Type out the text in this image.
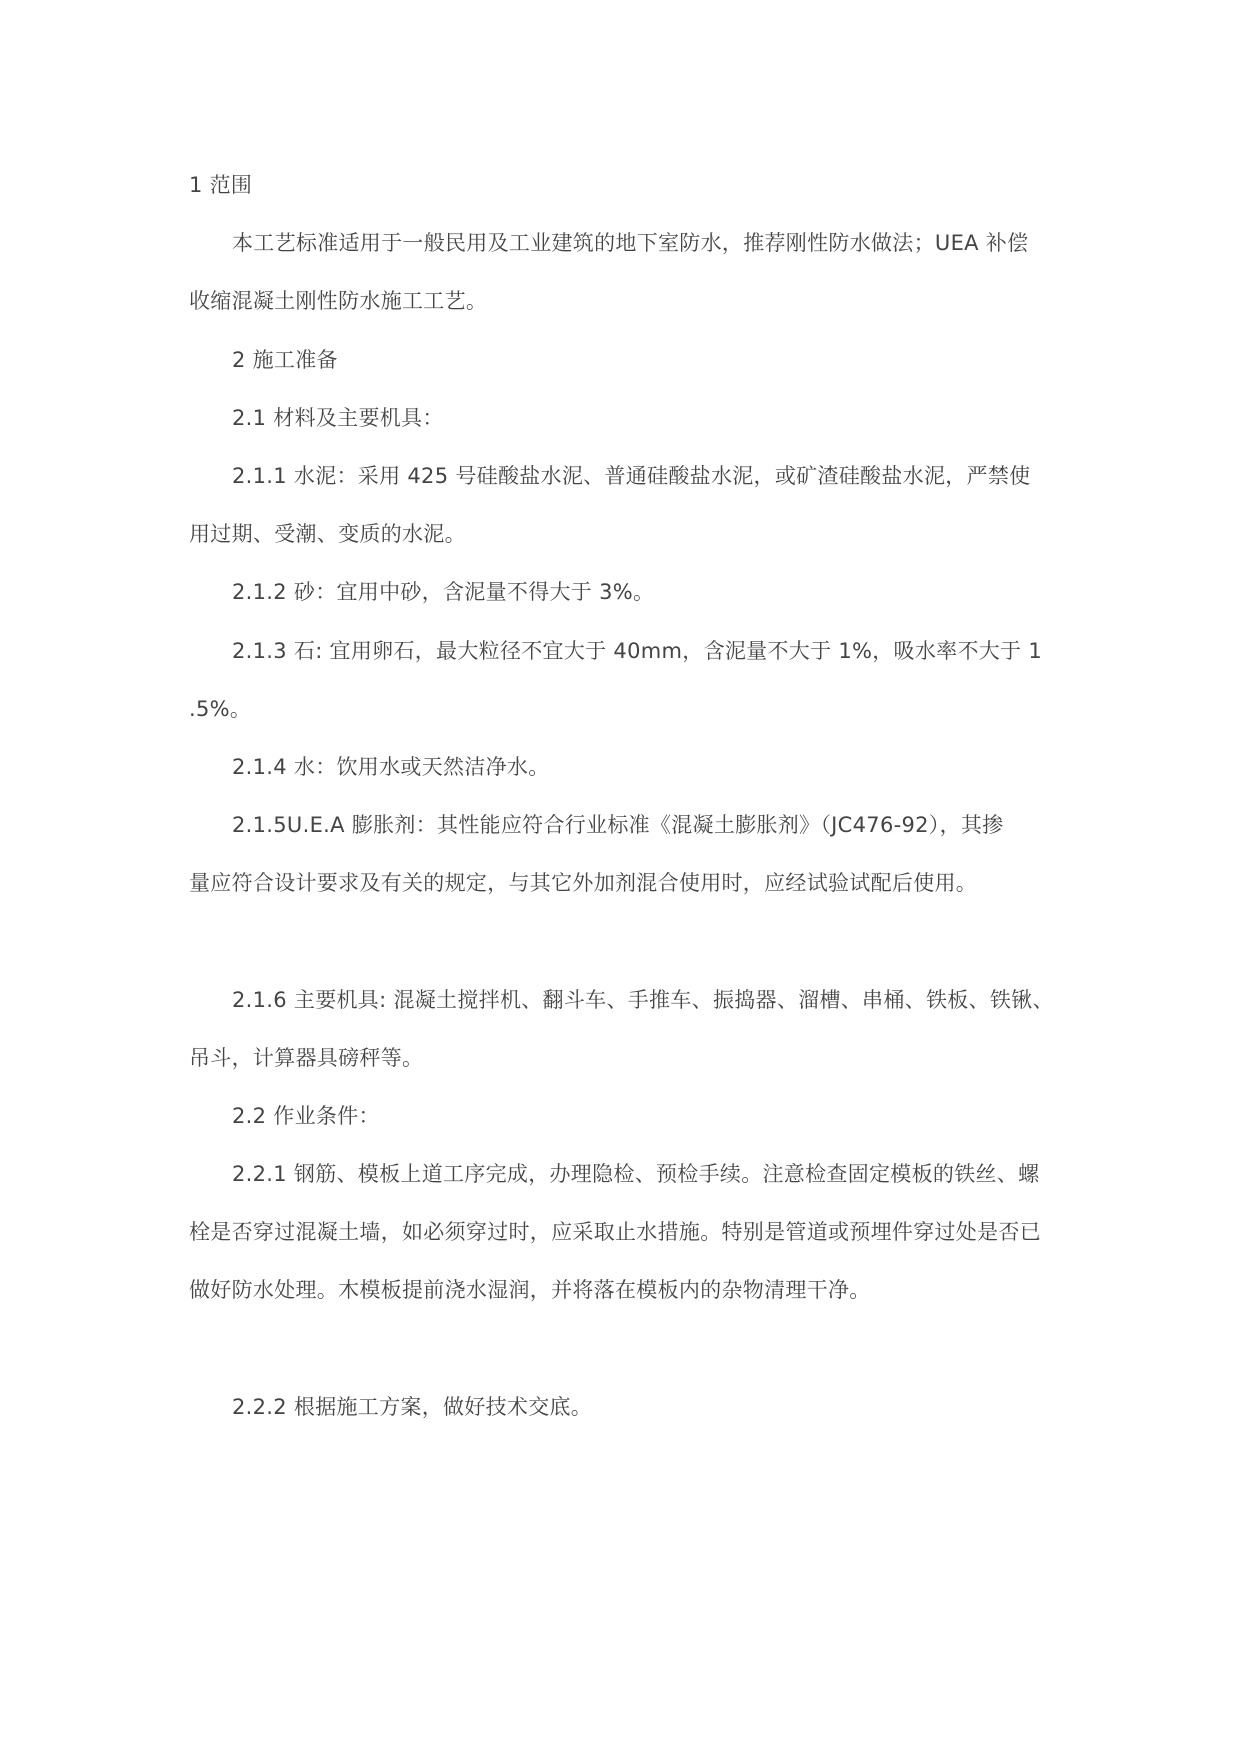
1 范围
本工艺标准适用于一般民用及工业建筑的地下室防水，推荐刚性防水做法；UEA 补偿
收缩混凝土刚性防水施工工艺。
2 施工准备
2.1 材料及主要机具：
2.1.1 水泥：采用 425 号硅酸盐水泥、普通硅酸盐水泥，或矿渣硅酸盐水泥，严禁使
用过期、受潮、变质的水泥。
2.1.2 砂：宜用中砂，含泥量不得大于 3%。
2.1.3 石: 宜用卵石，最大粒径不宜大于 40mm，含泥量不大于 1%，吸水率不大于 1
.5%。
2.1.4 水：饮用水或天然洁净水。
2.1.5U.E.A 膨胀剂：其性能应符合行业标准《混凝土膨胀剂》（JC476-92），其掺
量应符合设计要求及有关的规定，与其它外加剂混合使用时，应经试验试配后使用。
2.1.6 主要机具: 混凝土搅拌机、翻斗车、手推车、振捣器、溜槽、串桶、铁板、铁锹、
吊斗，计算器具磅秤等。
2.2 作业条件：
2.2.1 钢筋、模板上道工序完成，办理隐检、预检手续。注意检查固定模板的铁丝、螺
栓是否穿过混凝土墙，如必须穿过时，应采取止水措施。特别是管道或预埋件穿过处是否已
做好防水处理。木模板提前浇水湿润，并将落在模板内的杂物清理干净。
2.2.2 根据施工方案，做好技术交底。
